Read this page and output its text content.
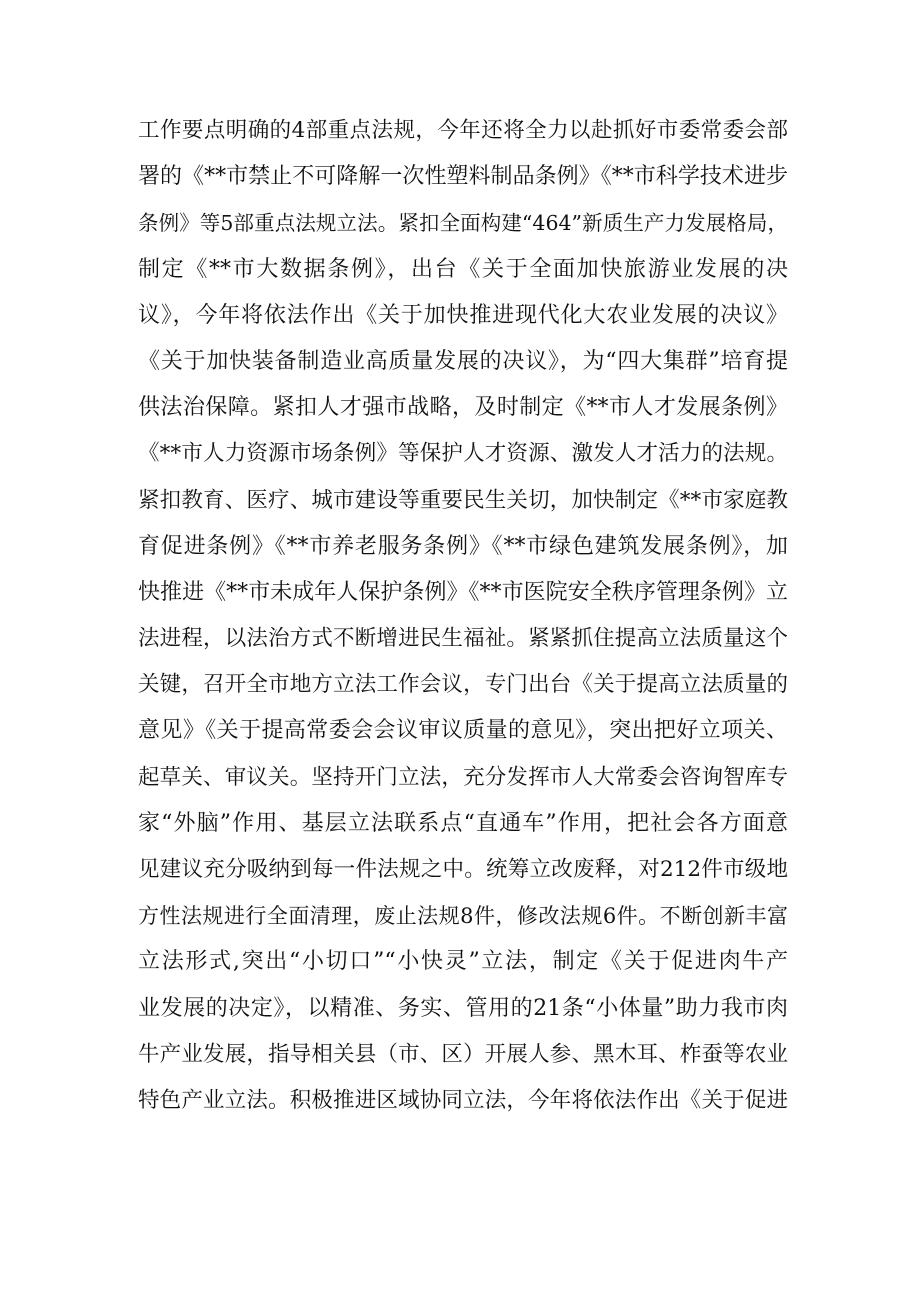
工作要点明确的4部重点法规，今年还将全力以赴抓好市委常委会部
署的《**市禁止不可降解一次性塑料制品条例》《**市科学技术进步
条例》等5部重点法规立法。紧扣全面构建“464”新质生产力发展格局，
制定《**市大数据条例》，出台《关于全面加快旅游业发展的决
议》，今年将依法作出《关于加快推进现代化大农业发展的决议》
《关于加快装备制造业高质量发展的决议》，为“四大集群”培育提
供法治保障。紧扣人才强市战略，及时制定《**市人才发展条例》
《**市人力资源市场条例》等保护人才资源、激发人才活力的法规。
紧扣教育、医疗、城市建设等重要民生关切，加快制定《**市家庭教
育促进条例》《**市养老服务条例》《**市绿色建筑发展条例》，加
快推进《**市未成年人保护条例》《**市医院安全秩序管理条例》立
法进程，以法治方式不断增进民生福祉。紧紧抓住提高立法质量这个
关键，召开全市地方立法工作会议，专门出台《关于提高立法质量的
意见》《关于提高常委会会议审议质量的意见》，突出把好立项关、
起草关、审议关。坚持开门立法，充分发挥市人大常委会咨询智库专
家“外脑”作用、基层立法联系点“直通车”作用，把社会各方面意
见建议充分吸纳到每一件法规之中。统筹立改废释，对212件市级地
方性法规进行全面清理，废止法规8件，修改法规6件。不断创新丰富
立法形式,突出“小切口”“小快灵”立法，制定《关于促进肉牛产
业发展的决定》，以精准、务实、管用的21条“小体量”助力我市肉
牛产业发展，指导相关县（市、区）开展人参、黑木耳、柞蚕等农业
特色产业立法。积极推进区域协同立法，今年将依法作出《关于促进
